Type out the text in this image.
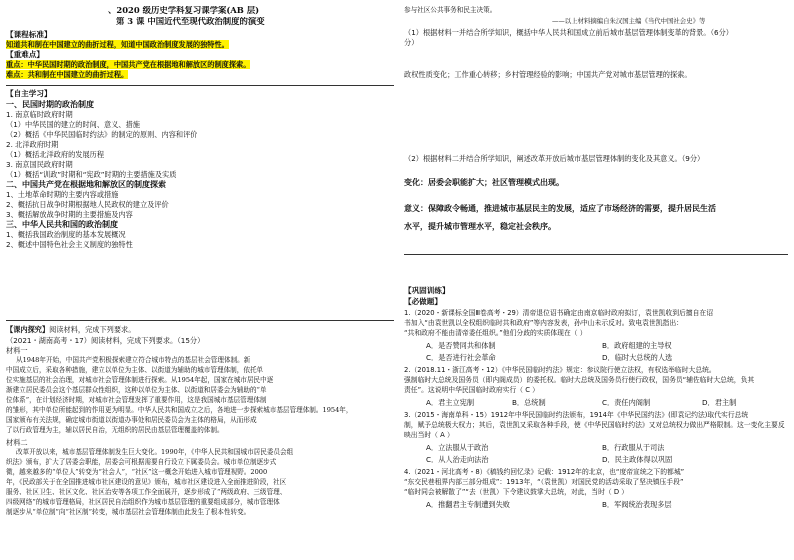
、2020 级历史学科复习课学案(AB 层)
第 3 课 中国近代至现代政治制度的演变
【课程标准】
知道共和制在中国建立的曲折过程，知道中国政治制度发展的独特性。
【重难点】
重点：中华民国时期的政治制度，中国共产党在根据地和解放区的制度探索。
难点：共和制在中国建立的曲折过程。
【自主学习】
一、民国时期的政治制度
1. 南京临时政府时期
（1）中华民国的建立的时间、意义、措施
（2）概括《中华民国临时约法》的制定的原则、内容和评价
2. 北洋政府时期
（1）概括北洋政府的发展历程
3. 南京国民政府时期
（1）概括“训政”时期和“宪政”时期的主要措施及实质
二、中国共产党在根据地和解放区的制度探索
1、土地革命时期的主要内容或措施
2、概括抗日战争时期根据地人民政权的建立及评价
3、概括解放战争时期的主要措施及内容
三、中华人民共和国的政治制度
1、概括我国政治制度的基本发展概况
2、概述中国特色社会主义制度的独特性
【课内探究】阅读材料，完成下列要求。
（2021・湖南高考・17）阅读材料，完成下列要求。（15分）
材料一
从1948年开始，中国共产党积极探索建立符合城市特点的基层社会管理体制。新
中国成立后，采取各种措施，建立以单位为主体、以街道为辅助的城市管理体制，依托单
位实施基层的社会治理，对城市社会管理体制进行探索。从1954年起，国家在城市居民中逐
渐建立居民委员会这个基层群众性组织，这种以单位为主体、以街道和居委会为辅助的“单
位体系”，在计划经济时期，对城市社会管理发挥了重要作用，这是我国城市基层管理体制
的雏形，其中单位所能起到的作用更为明显。中华人民共和国成立之后，各地进一步探索城市基层管理体制。1954年，
国家颁布有关法规，确定城市街道以街道办事处和居民委员会为主体的格局，从而形成
了以行政管理为主，辅以居民自治，无组织的居民由基层管理覆盖的体制。
材料二
改革开放以来，城市基层管理体制发生巨大变化。1990年，《中华人民共和国城市居民委员会组
织法》颁布，扩大了居委会职能，居委会可根据需要自行设立下属委员会。城市单位制逐步式
微，越来越多的“单位人”转变为“社会人”，“社区”这一概念开始进入城市管理视野。2000
年，《民政部关于在全国推进城市社区建设的意见》颁布，城市社区建设进入全面推进阶段，社区
服务、社区卫生、社区文化、社区治安等各项工作全面展开，逐步形成了“两级政府、三级管理、
四级网络”的城市管理格局，社区居民自治组织作为城市基层管理的重要组成部分，城市管理体
制逐步从“单位制”向“社区制”转变，城市基层社会管理体制由此发生了根本性转变。
参与社区公共事务和民主决策。
——以上材料摘编自朱汉国主编《当代中国社会史》等
（1）根据材料一并结合所学知识，概括中华人民共和国成立前后城市基层管理体制变革的背景。（6分）
分）
政权性质变化；工作重心转移；乡村管理经验的影响；中国共产党对城市基层管理的探索。
（2）根据材料二并结合所学知识，阐述改革开放后城市基层管理体制的变化及其意义。（9分）
变化：居委会职能扩大；社区管理模式出现。
意义：保障政令畅通，推进城市基层民主的发展，适应了市场经济的需要，提升居民生活
水平，提升城市管理水平，稳定社会秩序。
【巩固训练】
【必做题】
1.（2020・新课标全国Ⅲ卷高考・29）清帝退位诏书确定由南京临时政府拟订，袁世凯收到后擅自在诏
书加入“由袁世凯以全权组织临时共和政府”等内容发表，孙中山未示反对。致电袁世凯指出：
“共和政府不能由清帝委任组织。”他们分歧的实质体现在（ ）
A．是否赞同共和体制	B．政府组建的主导权
C．是否进行社会革命	D．临时大总统的人选
2.（2018.11・浙江高考・12）《中华民国临时约法》规定：参议院行使立法权，有权选举临时大总统。
强制临时大总统及国务员（即内阁成员）的委托权。临时大总统及国务员行使行政权，国务员“辅佐临时大总统，负其
责任”。这说明中华民国临时政府实行（ C ）
A．君主立宪制	B．总统制	C．责任内阁制	D．君主制
3.（2015・海南单科・15）1912年中华民国临时约法颁布，1914年《中华民国约法》(即袁记约法)取代实行总统
制，赋予总统极大权力；其后，袁世凯又采取各种手段，使《中华民国临时约法》又对总统权力做出严格限制。这一变化主要反
映出当时（ A ）
A．立法服从于政治	B．行政服从于司法
C．从人治走向法治	D．民主政体得以巩固
4.（2021・河北高考・8）《稿钱约回忆录》记载：1912年的北京，也“度帝宣统之下的都城”
“东交民巷租界内部三部分组成”：1913年，“（袁世凯）对国民党的活动采取了坚决镇压手段”
“临时同会被解散了”“去（世凯）下令建议鼓掌大总统，对此，当时（ D ）
A．推翻君主专制遭到失败	B．军阀统治表现多层
